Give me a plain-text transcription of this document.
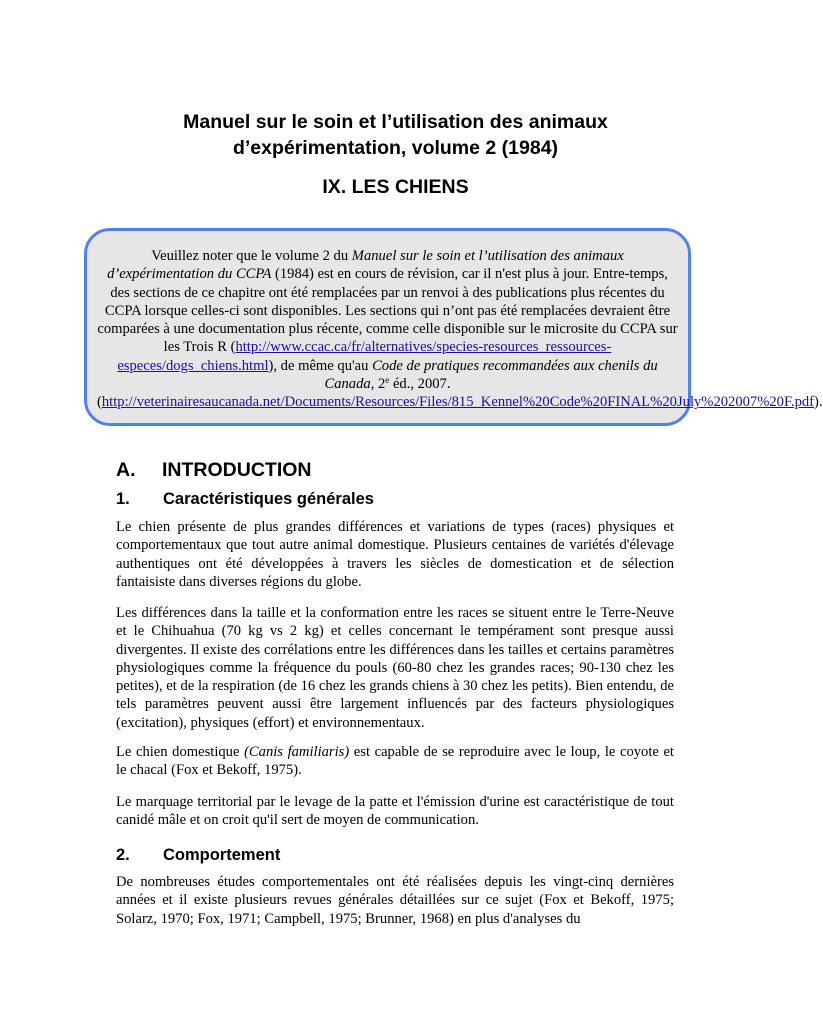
Manuel sur le soin et l’utilisation des animaux
d’expérimentation, volume 2 (1984)
IX. LES CHIENS
Veuillez noter que le volume 2 du Manuel sur le soin et l’utilisation des animaux d’expérimentation du CCPA (1984) est en cours de révision, car il n'est plus à jour. Entre-temps, des sections de ce chapitre ont été remplacées par un renvoi à des publications plus récentes du CCPA lorsque celles-ci sont disponibles. Les sections qui n’ont pas été remplacées devraient être comparées à une documentation plus récente, comme celle disponible sur le microsite du CCPA sur les Trois R (http://www.ccac.ca/fr/alternatives/species-resources_ressources-especes/dogs_chiens.html), de même qu'au Code de pratiques recommandées aux chenils du Canada, 2e éd., 2007. (http://veterinairesaucanada.net/Documents/Resources/Files/815_Kennel%20Code%20FINAL%20July%202007%20F.pdf).
A. INTRODUCTION
1. Caractéristiques générales
Le chien présente de plus grandes différences et variations de types (races) physiques et comportementaux que tout autre animal domestique. Plusieurs centaines de variétés d'élevage authentiques ont été développées à travers les siècles de domestication et de sélection fantaisiste dans diverses régions du globe.
Les différences dans la taille et la conformation entre les races se situent entre le Terre-Neuve et le Chihuahua (70 kg vs 2 kg) et celles concernant le tempérament sont presque aussi divergentes. Il existe des corrélations entre les différences dans les tailles et certains paramètres physiologiques comme la fréquence du pouls (60-80 chez les grandes races; 90-130 chez les petites), et de la respiration (de 16 chez les grands chiens à 30 chez les petits). Bien entendu, de tels paramètres peuvent aussi être largement influencés par des facteurs physiologiques (excitation), physiques (effort) et environnementaux.
Le chien domestique (Canis familiaris) est capable de se reproduire avec le loup, le coyote et le chacal (Fox et Bekoff, 1975).
Le marquage territorial par le levage de la patte et l'émission d'urine est caractéristique de tout canidé mâle et on croit qu'il sert de moyen de communication.
2. Comportement
De nombreuses études comportementales ont été réalisées depuis les vingt-cinq dernières années et il existe plusieurs revues générales détaillées sur ce sujet (Fox et Bekoff, 1975; Solarz, 1970; Fox, 1971; Campbell, 1975; Brunner, 1968) en plus d'analyses du
